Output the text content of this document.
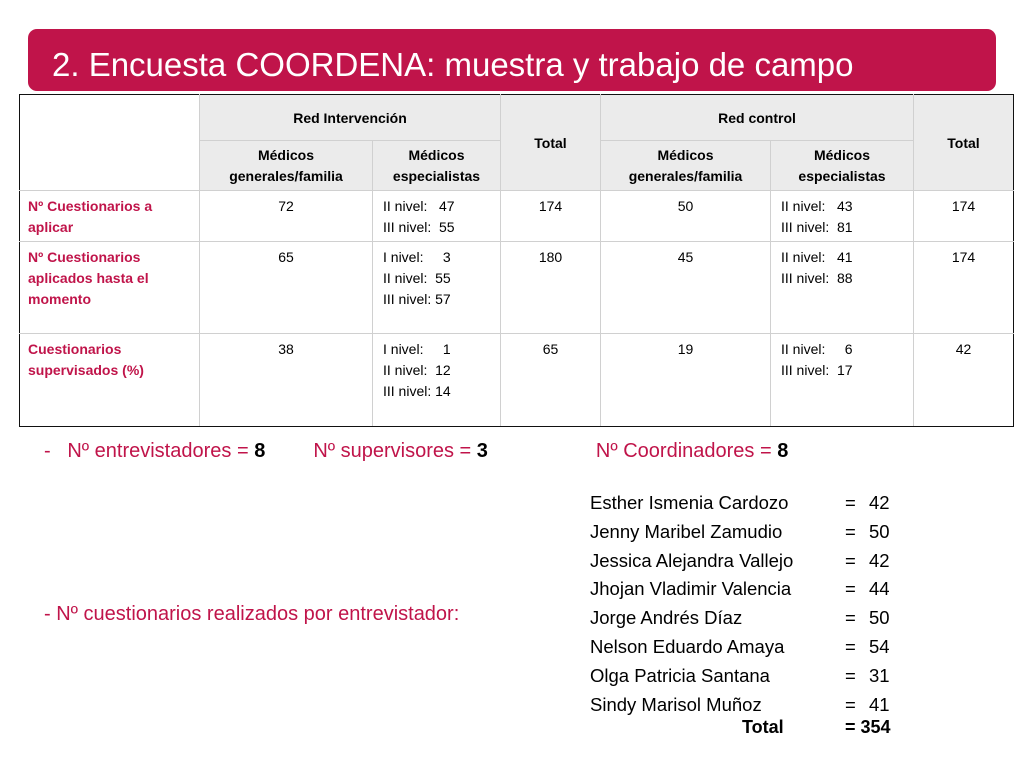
2. Encuesta COORDENA: muestra y trabajo de campo
	Red Intervención		Total	Red control		Total
	Médicos generales/familia	Médicos especialistas		Médicos generales/familia	Médicos especialistas	
Nº Cuestionarios a aplicar	72	II nivel:   47
III nivel:  55	174	50	II nivel:   43
III nivel:  81	174
Nº Cuestionarios aplicados hasta el momento	65	I nivel:     3
II nivel:  55
III nivel: 57	180	45	II nivel:   41
III nivel:  88	174
Cuestionarios supervisados (%)	38	I nivel:     1
II nivel:  12
III nivel: 14	65	19	II nivel:     6
III nivel:  17	42
- Nº entrevistadores = 8 Nº supervisores = 3	Nº Coordinadores = 8
- Nº cuestionarios realizados por entrevistador:
Esther Ismenia Cardozo	= 42
Jenny Maribel Zamudio	= 50
Jessica Alejandra Vallejo	= 42
Jhojan Vladimir Valencia	= 44
Jorge Andrés Díaz	= 50
Nelson Eduardo Amaya	= 54
Olga Patricia Santana	= 31
Sindy Marisol Muñoz	= 41
Total	= 354
